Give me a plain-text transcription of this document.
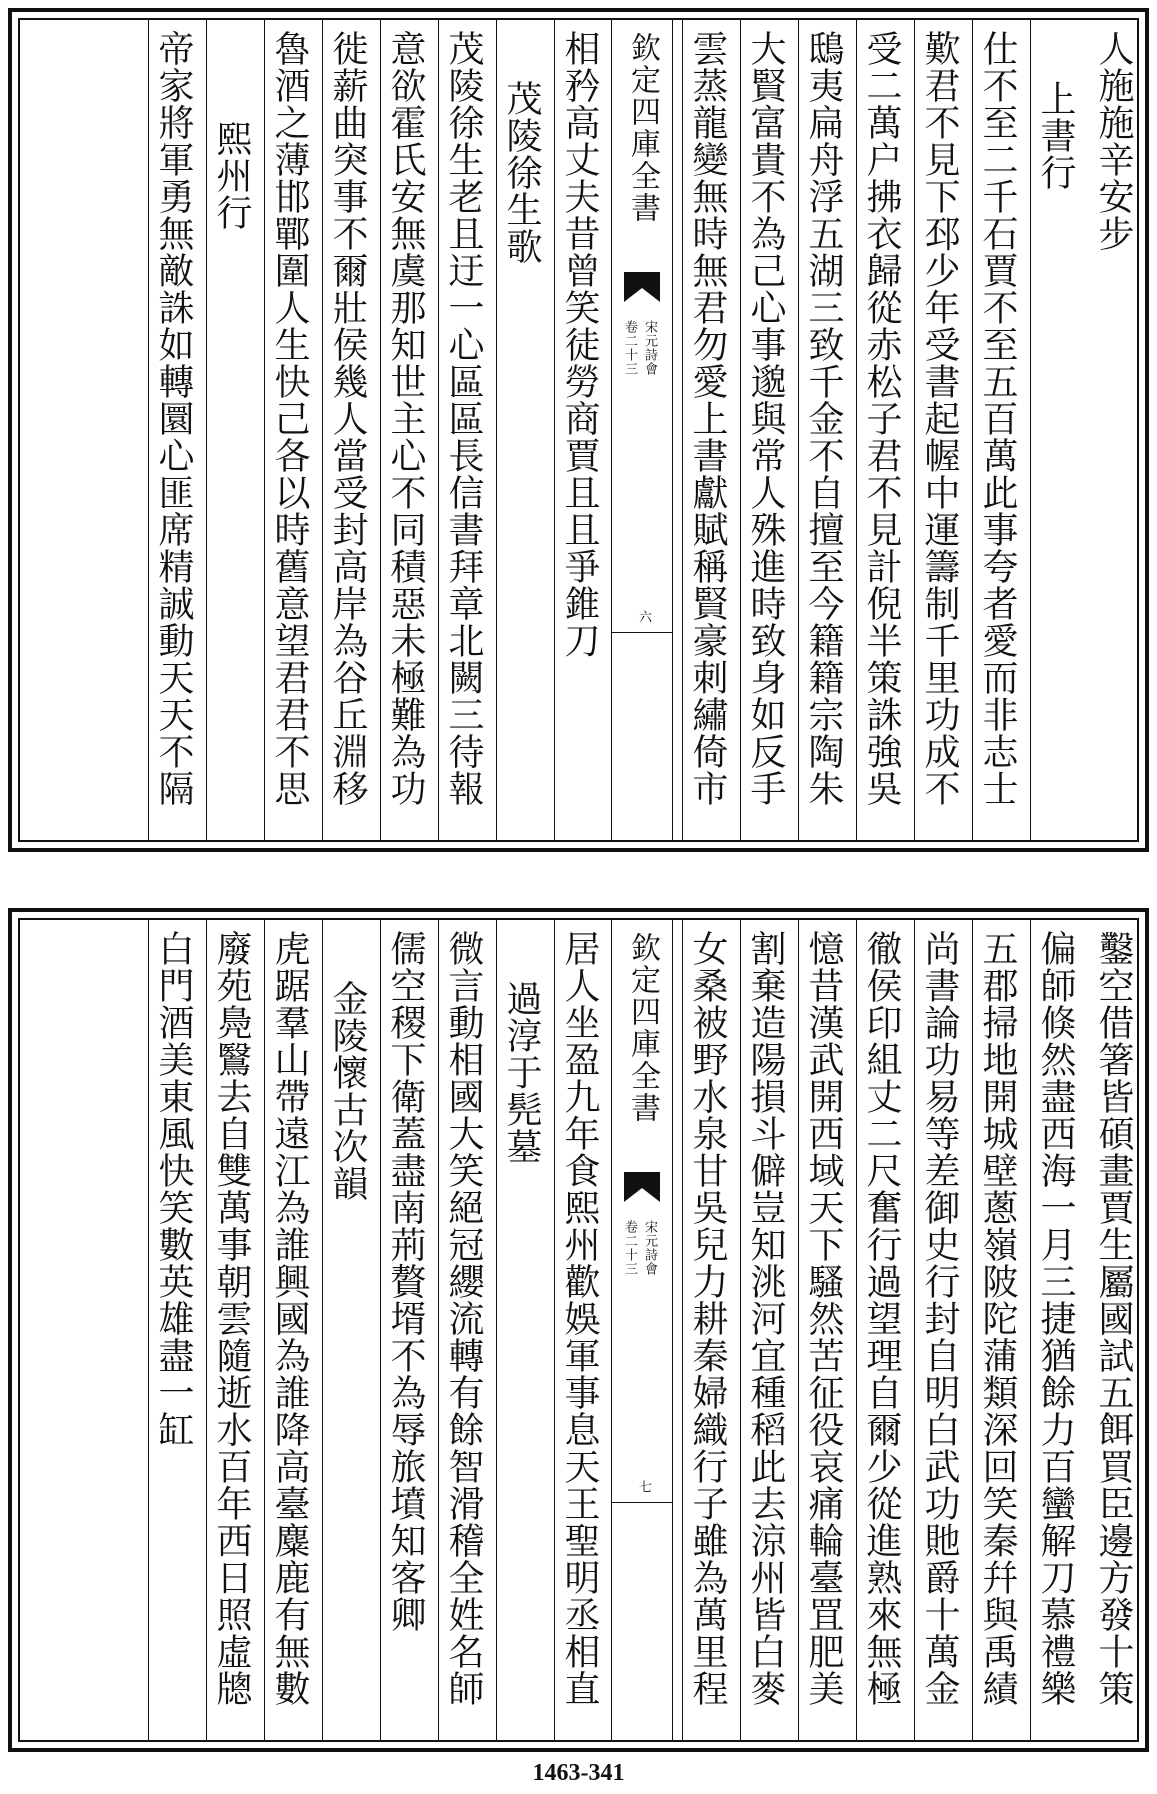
人施施辛安步
上書行
仕不至二千石賈不至五百萬此事夸者愛而非志士
歎君不見下邳少年受書起幄中運籌制千里功成不
受二萬户拂衣歸從赤松子君不見計倪半策誅強吳
鴟夷扁舟浮五湖三致千金不自擅至今籍籍宗陶朱
大賢富貴不為己心事邈與常人殊進時致身如反手
雲蒸龍變無時無君勿愛上書獻賦稱賢豪刺繡倚市
欽定四庫全書
宋元詩會
卷二十三
六
相矜高丈夫昔曾笑徒勞商賈且且爭錐刀
茂陵徐生歌
茂陵徐生老且迂一心區區長信書拜章北闕三待報
意欲霍氏安無虞那知世主心不同積惡未極難為功
徙薪曲突事不爾壯侯幾人當受封高岸為谷丘淵移
魯酒之薄邯鄲圍人生快己各以時舊意望君君不思
熙州行
帝家將軍勇無敵誅如轉圜心匪席精誠動天天不隔
鑿空借箸皆碩畫賈生屬國試五餌買臣邊方發十策
偏師倏然盡西海一月三捷猶餘力百蠻解刀慕禮樂
五郡掃地開城壁蔥嶺陂陀蒲類深回笑秦幷與禹績
尚書論功易等差御史行封自明白武功貤爵十萬金
徹侯印組丈二尺奮行過望理自爾少從進熟來無極
憶昔漢武開西域天下騷然苦征役哀痛輪臺罝肥美
割棄造陽損斗僻豈知洮河宜種稻此去涼州皆白麥
女桑被野水泉甘吳兒力耕秦婦織行子雖為萬里程
欽定四庫全書
宋元詩會
卷二十三
七
居人坐盈九年食熙州歡娛軍事息天王聖明丞相直
過淳于髡墓
微言動相國大笑絕冠纓流轉有餘智滑稽全姓名師
儒空稷下衛蓋盡南荊贅壻不為辱旅墳知客卿
金陵懷古次韻
虎踞羣山帶遠江為誰興國為誰降高臺麋鹿有無數
廢苑鳧鷖去自雙萬事朝雲隨逝水百年西日照虛牕
白門酒美東風快笑數英雄盡一缸
1463-341
